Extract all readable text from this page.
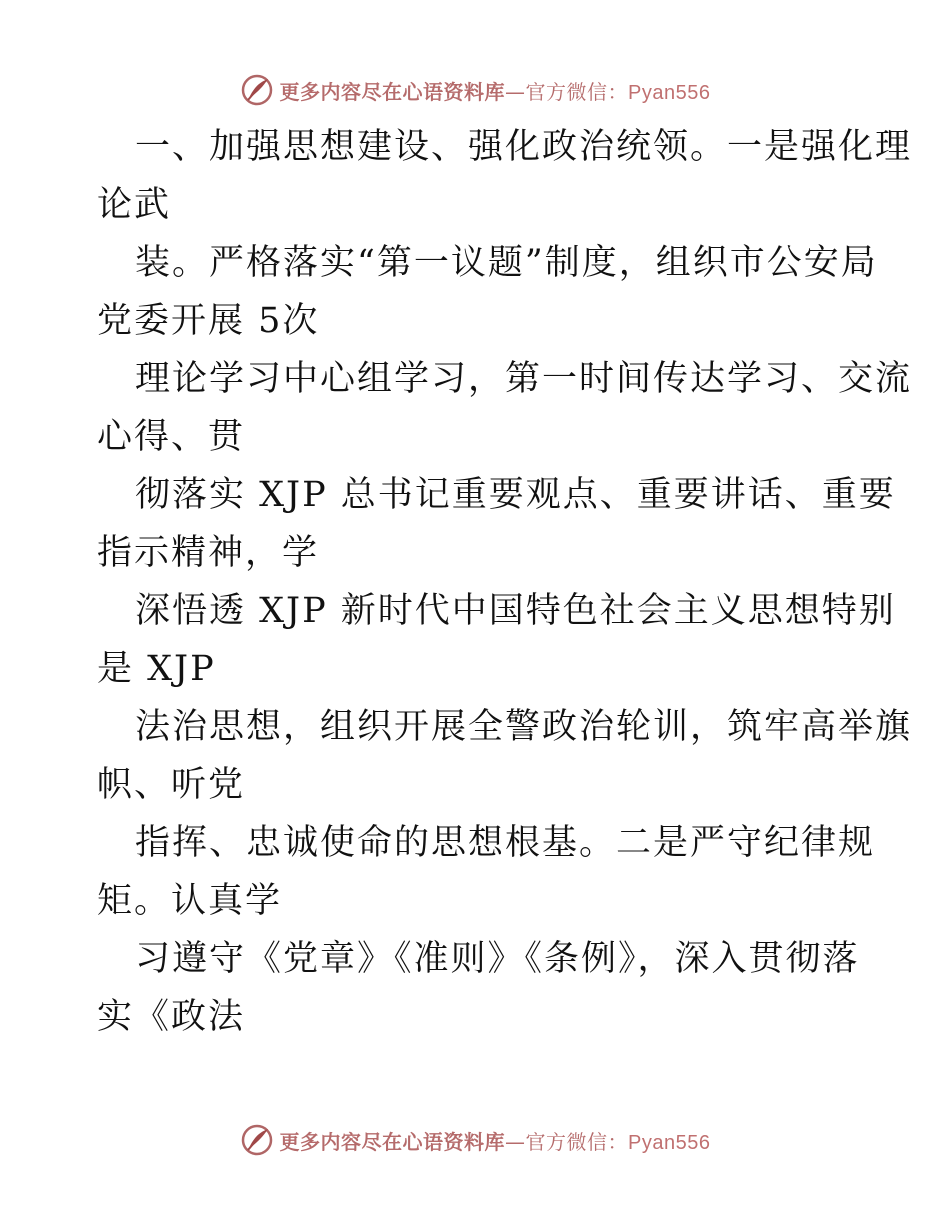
更多内容尽在心语资料库—官方微信：Pyan556
一、加强思想建设、强化政治统领。一是强化理
论武
装。严格落实“第一议题”制度，组织市公安局
党委开展 5次
理论学习中心组学习，第一时间传达学习、交流
心得、贯
彻落实 XJP 总书记重要观点、重要讲话、重要
指示精神，学
深悟透 XJP 新时代中国特色社会主义思想特别
是 XJP
法治思想，组织开展全警政治轮训，筑牢高举旗
帜、听党
指挥、忠诚使命的思想根基。二是严守纪律规
矩。认真学
习遵守《党章》《准则》《条例》，深入贯彻落
实《政法
更多内容尽在心语资料库—官方微信：Pyan556
